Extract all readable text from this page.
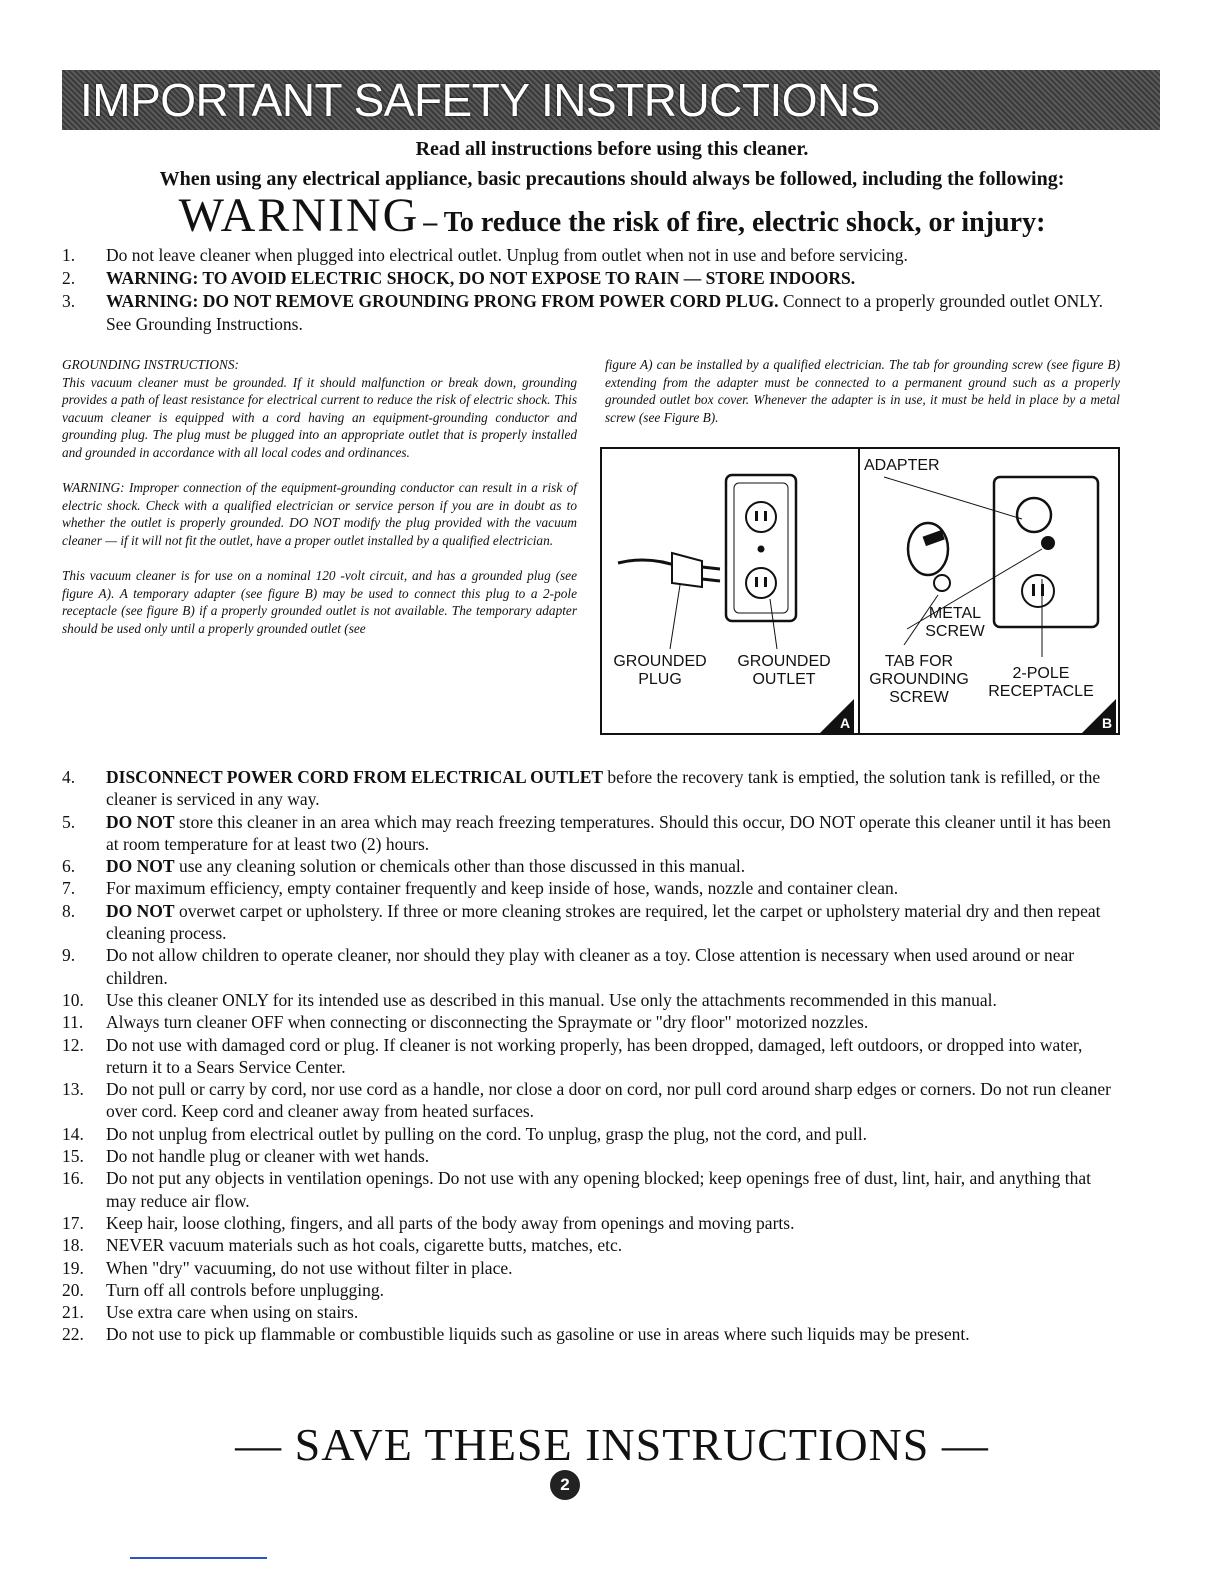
IMPORTANT SAFETY INSTRUCTIONS
Read all instructions before using this cleaner.
When using any electrical appliance, basic precautions should always be followed, including the following:
WARNING – To reduce the risk of fire, electric shock, or injury:
1.	Do not leave cleaner when plugged into electrical outlet. Unplug from outlet when not in use and before servicing.
2.	WARNING: TO AVOID ELECTRIC SHOCK, DO NOT EXPOSE TO RAIN — STORE INDOORS.
3.	WARNING: DO NOT REMOVE GROUNDING PRONG FROM POWER CORD PLUG. Connect to a properly grounded outlet ONLY. See Grounding Instructions.

GROUNDING INSTRUCTIONS:

This vacuum cleaner must be grounded. If it should malfunction or break down, grounding provides a path of least resistance for electrical current to reduce the risk of electric shock. This vacuum cleaner is equipped with a cord having an equipment-grounding conductor and grounding plug. The plug must be plugged into an appropriate outlet that is properly installed and grounded in accordance with all local codes and ordinances.

WARNING: Improper connection of the equipment-grounding conductor can result in a risk of electric shock. Check with a qualified electrician or service person if you are in doubt as to whether the outlet is properly grounded. DO NOT modify the plug provided with the vacuum cleaner — if it will not fit the outlet, have a proper outlet installed by a qualified electrician.

This vacuum cleaner is for use on a nominal 120 -volt circuit, and has a grounded plug (see figure A). A temporary adapter (see figure B) may be used to connect this plug to a 2-pole receptacle (see figure B) if a properly grounded outlet is not available. The temporary adapter should be used only until a properly grounded outlet (see

figure A) can be installed by a qualified electrician. The tab for grounding screw (see figure B) extending from the adapter must be connected to a permanent ground such as a properly grounded outlet box cover. Whenever the adapter is in use, it must be held in place by a metal screw (see Figure B).
GROUNDED
PLUG
GROUNDED
OUTLET
A
ADAPTER
METAL
SCREW
TAB FOR
GROUNDING
SCREW
2-POLE
RECEPTACLE
B
4.	DISCONNECT POWER CORD FROM ELECTRICAL OUTLET before the recovery tank is emptied, the solution tank is refilled, or the cleaner is serviced in any way.
5.	DO NOT store this cleaner in an area which may reach freezing temperatures. Should this occur, DO NOT operate this cleaner until it has been at room temperature for at least two (2) hours.
6.	DO NOT use any cleaning solution or chemicals other than those discussed in this manual.
7.	For maximum efficiency, empty container frequently and keep inside of hose, wands, nozzle and container clean.
8.	DO NOT overwet carpet or upholstery. If three or more cleaning strokes are required, let the carpet or upholstery material dry and then repeat cleaning process.
9.	Do not allow children to operate cleaner, nor should they play with cleaner as a toy. Close attention is necessary when used around or near children.
10.	Use this cleaner ONLY for its intended use as described in this manual. Use only the attachments recommended in this manual.
11.	Always turn cleaner OFF when connecting or disconnecting the Spraymate or "dry floor" motorized nozzles.
12.	Do not use with damaged cord or plug. If cleaner is not working properly, has been dropped, damaged, left outdoors, or dropped into water, return it to a Sears Service Center.
13.	Do not pull or carry by cord, nor use cord as a handle, nor close a door on cord, nor pull cord around sharp edges or corners. Do not run cleaner over cord. Keep cord and cleaner away from heated surfaces.
14.	Do not unplug from electrical outlet by pulling on the cord. To unplug, grasp the plug, not the cord, and pull.
15.	Do not handle plug or cleaner with wet hands.
16.	Do not put any objects in ventilation openings. Do not use with any opening blocked; keep openings free of dust, lint, hair, and anything that may reduce air flow.
17.	Keep hair, loose clothing, fingers, and all parts of the body away from openings and moving parts.
18.	NEVER vacuum materials such as hot coals, cigarette butts, matches, etc.
19.	When "dry" vacuuming, do not use without filter in place.
20.	Turn off all controls before unplugging.
21.	Use extra care when using on stairs.
22.	Do not use to pick up flammable or combustible liquids such as gasoline or use in areas where such liquids may be present.
— SAVE THESE INSTRUCTIONS —
2
